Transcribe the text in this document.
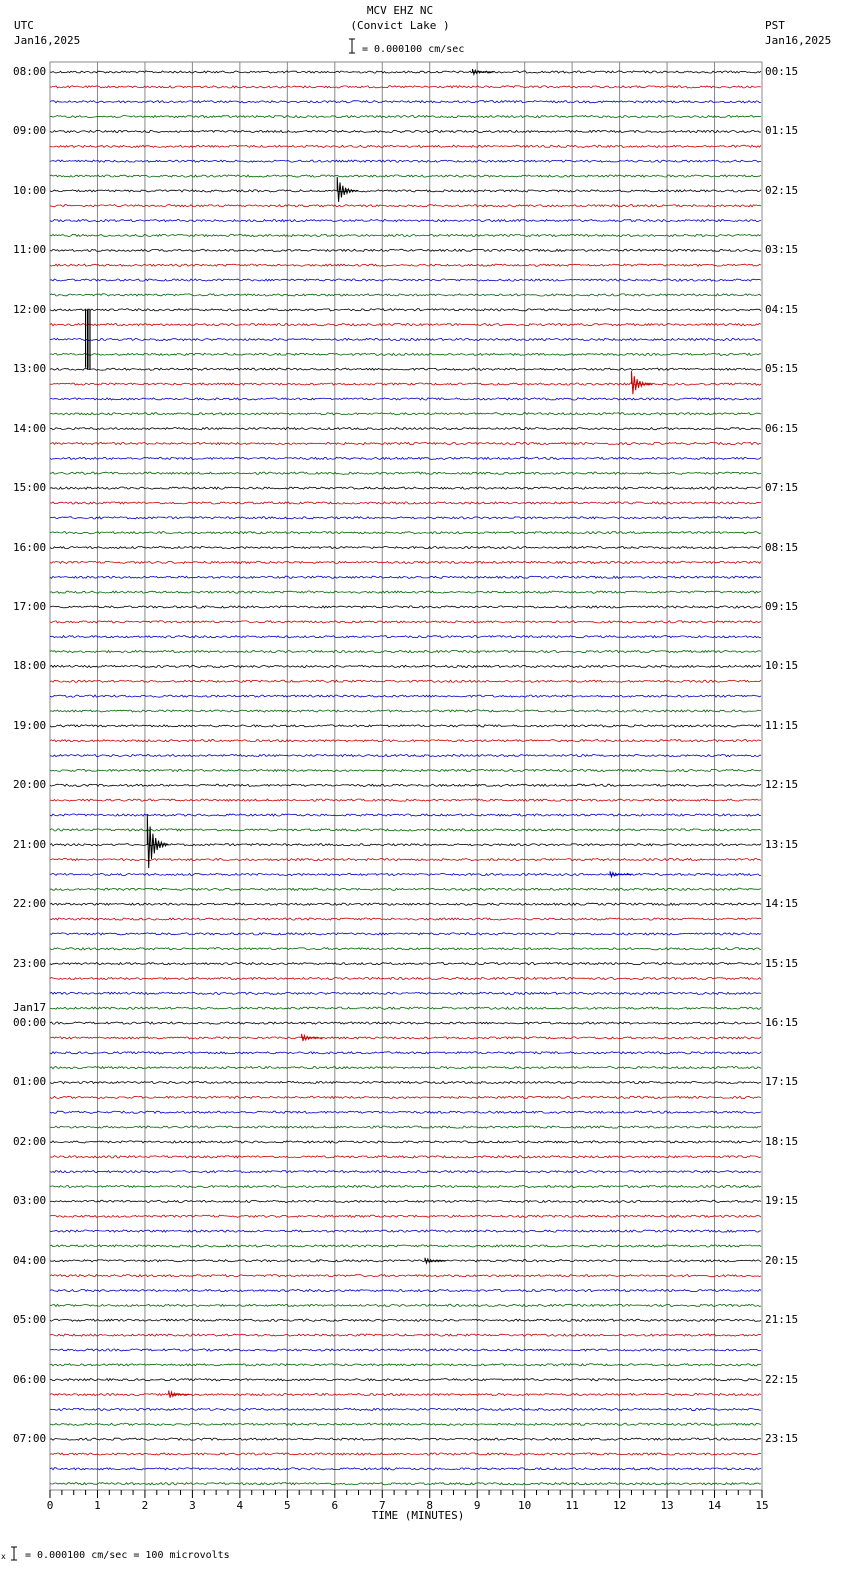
0	1	2	3	4	5	6	7	8	9	10	11	12	13	14	15
MCV EHZ NC
(Convict Lake )
= 0.000100 cm/sec
UTC
Jan16,2025
PST
Jan16,2025
08:00
09:00
10:00
11:00
12:00
13:00
14:00
15:00
16:00
17:00
18:00
19:00
20:00
21:00
22:00
23:00
00:00
Jan17
01:00
02:00
03:00
04:00
05:00
06:00
07:00
00:15
01:15
02:15
03:15
04:15
05:15
06:15
07:15
08:15
09:15
10:15
11:15
12:15
13:15
14:15
15:15
16:15
17:15
18:15
19:15
20:15
21:15
22:15
23:15
TIME (MINUTES)
x = 0.000100 cm/sec = 100 microvolts
